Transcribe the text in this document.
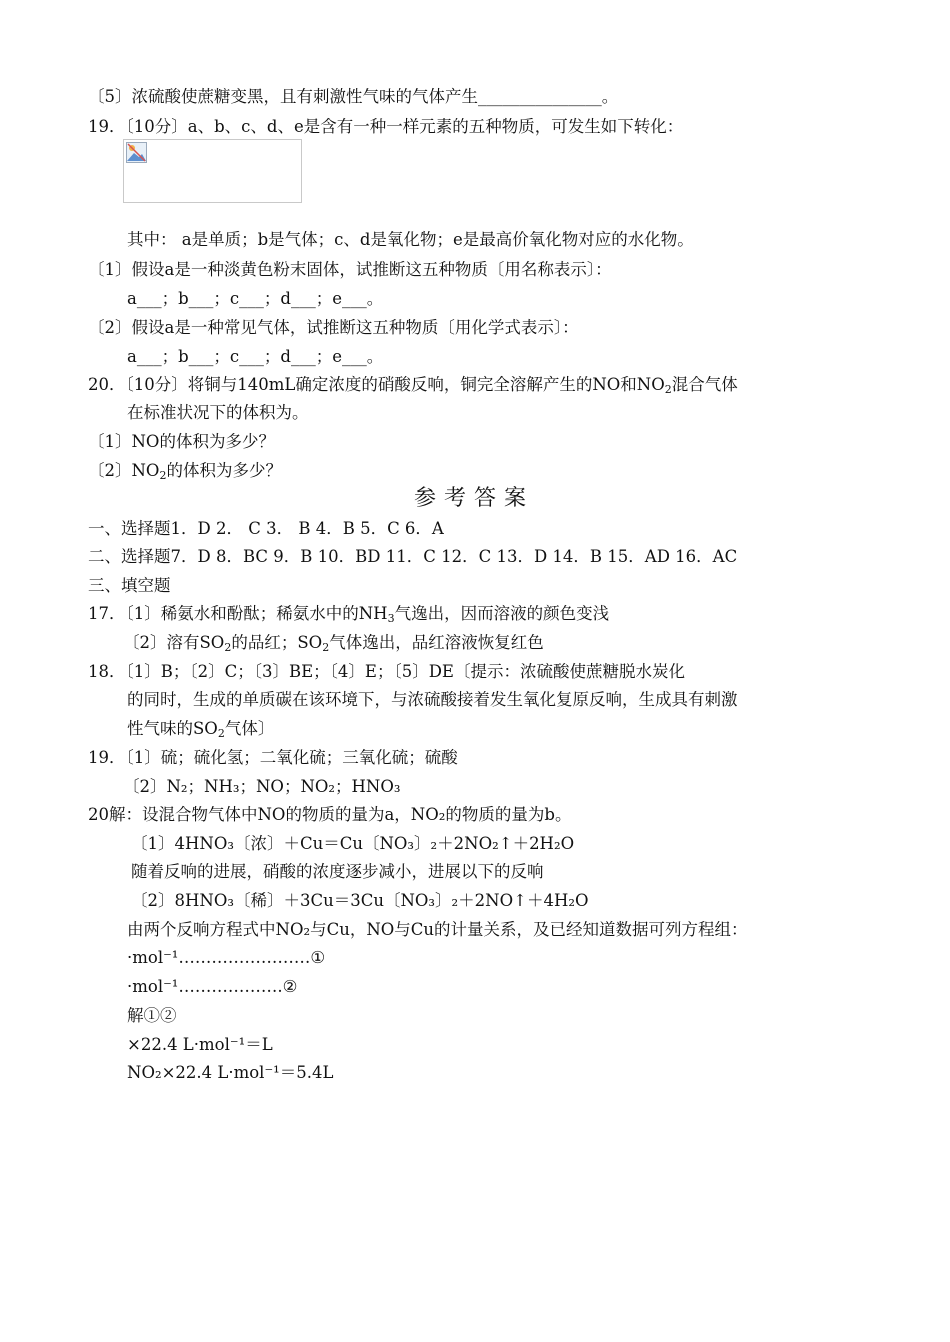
〔5〕浓硫酸使蔗糖变黑，且有刺激性气味的气体产生_______________。
19．〔10分〕a、b、c、d、e是含有一种一样元素的五种物质，可发生如下转化：
其中： a是单质；b是气体；c、d是氧化物；e是最高价氧化物对应的水化物。
〔1〕假设a是一种淡黄色粉末固体，试推断这五种物质〔用名称表示〕：
a___；b___；c___；d___；e___。
〔2〕假设a是一种常见气体，试推断这五种物质〔用化学式表示〕：
a___；b___；c___；d___；e___。
20．〔10分〕将铜与140mL确定浓度的硝酸反响，铜完全溶解产生的NO和$NO_2$混合气体
在标准状况下的体积为。
〔1〕NO的体积为多少？
〔2〕$NO_2$的体积为多少？
参考答案
一、选择题1．D 2． C 3． B 4．B 5．C 6．A
二、选择题7．D 8．BC 9．B 10．BD 11．C 12．C 13．D 14．B 15．AD 16．AC
三、填空题
17．〔1〕稀氨水和酚酞；稀氨水中的$NH_3$气逸出，因而溶液的颜色变浅
〔2〕溶有$SO_2$的品红；$SO_2$气体逸出，品红溶液恢复红色
18．〔1〕B；〔2〕C；〔3〕BE；〔4〕E；〔5〕DE〔提示：浓硫酸使蔗糖脱水炭化
的同时，生成的单质碳在该环境下，与浓硫酸接着发生氧化复原反响，生成具有刺激
性气味的$SO_2$气体〕
19．〔1〕硫；硫化氢；二氧化硫；三氧化硫；硫酸
〔2〕N₂；NH₃；NO；NO₂；HNO₃
20解：设混合物气体中NO的物质的量为a，NO₂的物质的量为b。
〔1〕4HNO₃〔浓〕＋Cu＝Cu〔NO₃〕₂＋2NO₂↑＋2H₂O
随着反响的进展，硝酸的浓度逐步减小，进展以下的反响
〔2〕8HNO₃〔稀〕＋3Cu＝3Cu〔NO₃〕₂＋2NO↑＋4H₂O
由两个反响方程式中NO₂与Cu，NO与Cu的计量关系，及已经知道数据可列方程组：
·mol⁻¹……………………①
·mol⁻¹……………….②
解①②
×22.4 L·mol⁻¹＝L
NO₂×22.4 L·mol⁻¹＝5.4L
